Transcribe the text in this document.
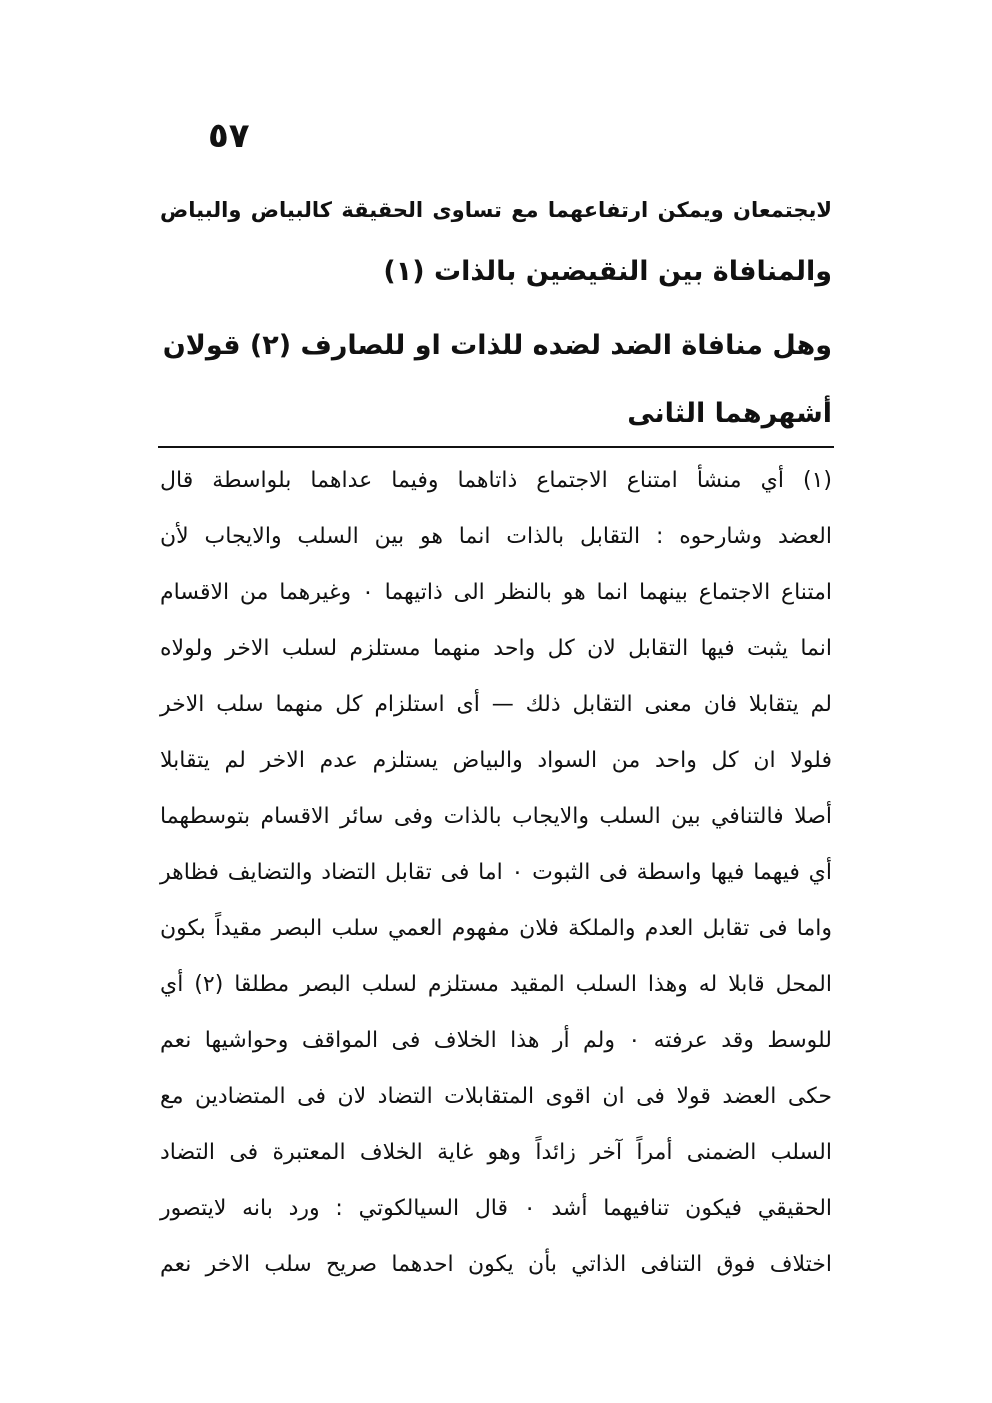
٥٧
لايجتمعان ويمكن ارتفاعهما مع تساوى الحقيقة كالبياض والبياض
والمنافاة بين النقيضين بالذات (١)
وهل منافاة الضد لضده للذات او للصارف (٢) قولان
أشهرهما الثانى
(١) أي منشأ امتناع الاجتماع ذاتاهما وفيما عداهما بلواسطة قال
العضد وشارحوه : التقابل بالذات انما هو بين السلب والايجاب لأن
امتناع الاجتماع بينهما انما هو بالنظر الى ذاتيهما ٠ وغيرهما من الاقسام
انما يثبت فيها التقابل لان كل واحد منهما مستلزم لسلب الاخر ولولاه
لم يتقابلا فان معنى التقابل ذلك — أى استلزام كل منهما سلب الاخر
فلولا ان كل واحد من السواد والبياض يستلزم عدم الاخر لم يتقابلا
أصلا فالتنافي بين السلب والايجاب بالذات وفى سائر الاقسام بتوسطهما
أي فيهما فيها واسطة فى الثبوت ٠ اما فى تقابل التضاد والتضايف فظاهر
واما فى تقابل العدم والملكة فلان مفهوم العمي سلب البصر مقيداً بكون
المحل قابلا له وهذا السلب المقيد مستلزم لسلب البصر مطلقا (٢) أي
للوسط وقد عرفته ٠ ولم أر هذا الخلاف فى المواقف وحواشيها نعم
حكى العضد قولا فى ان اقوى المتقابلات التضاد لان فى المتضادين مع
السلب الضمنى أمراً آخر زائداً وهو غاية الخلاف المعتبرة فى التضاد
الحقيقي فيكون تنافيهما أشد ٠ قال السيالكوتي : ورد بانه لايتصور
اختلاف فوق التنافى الذاتي بأن يكون احدهما صريح سلب الاخر نعم
